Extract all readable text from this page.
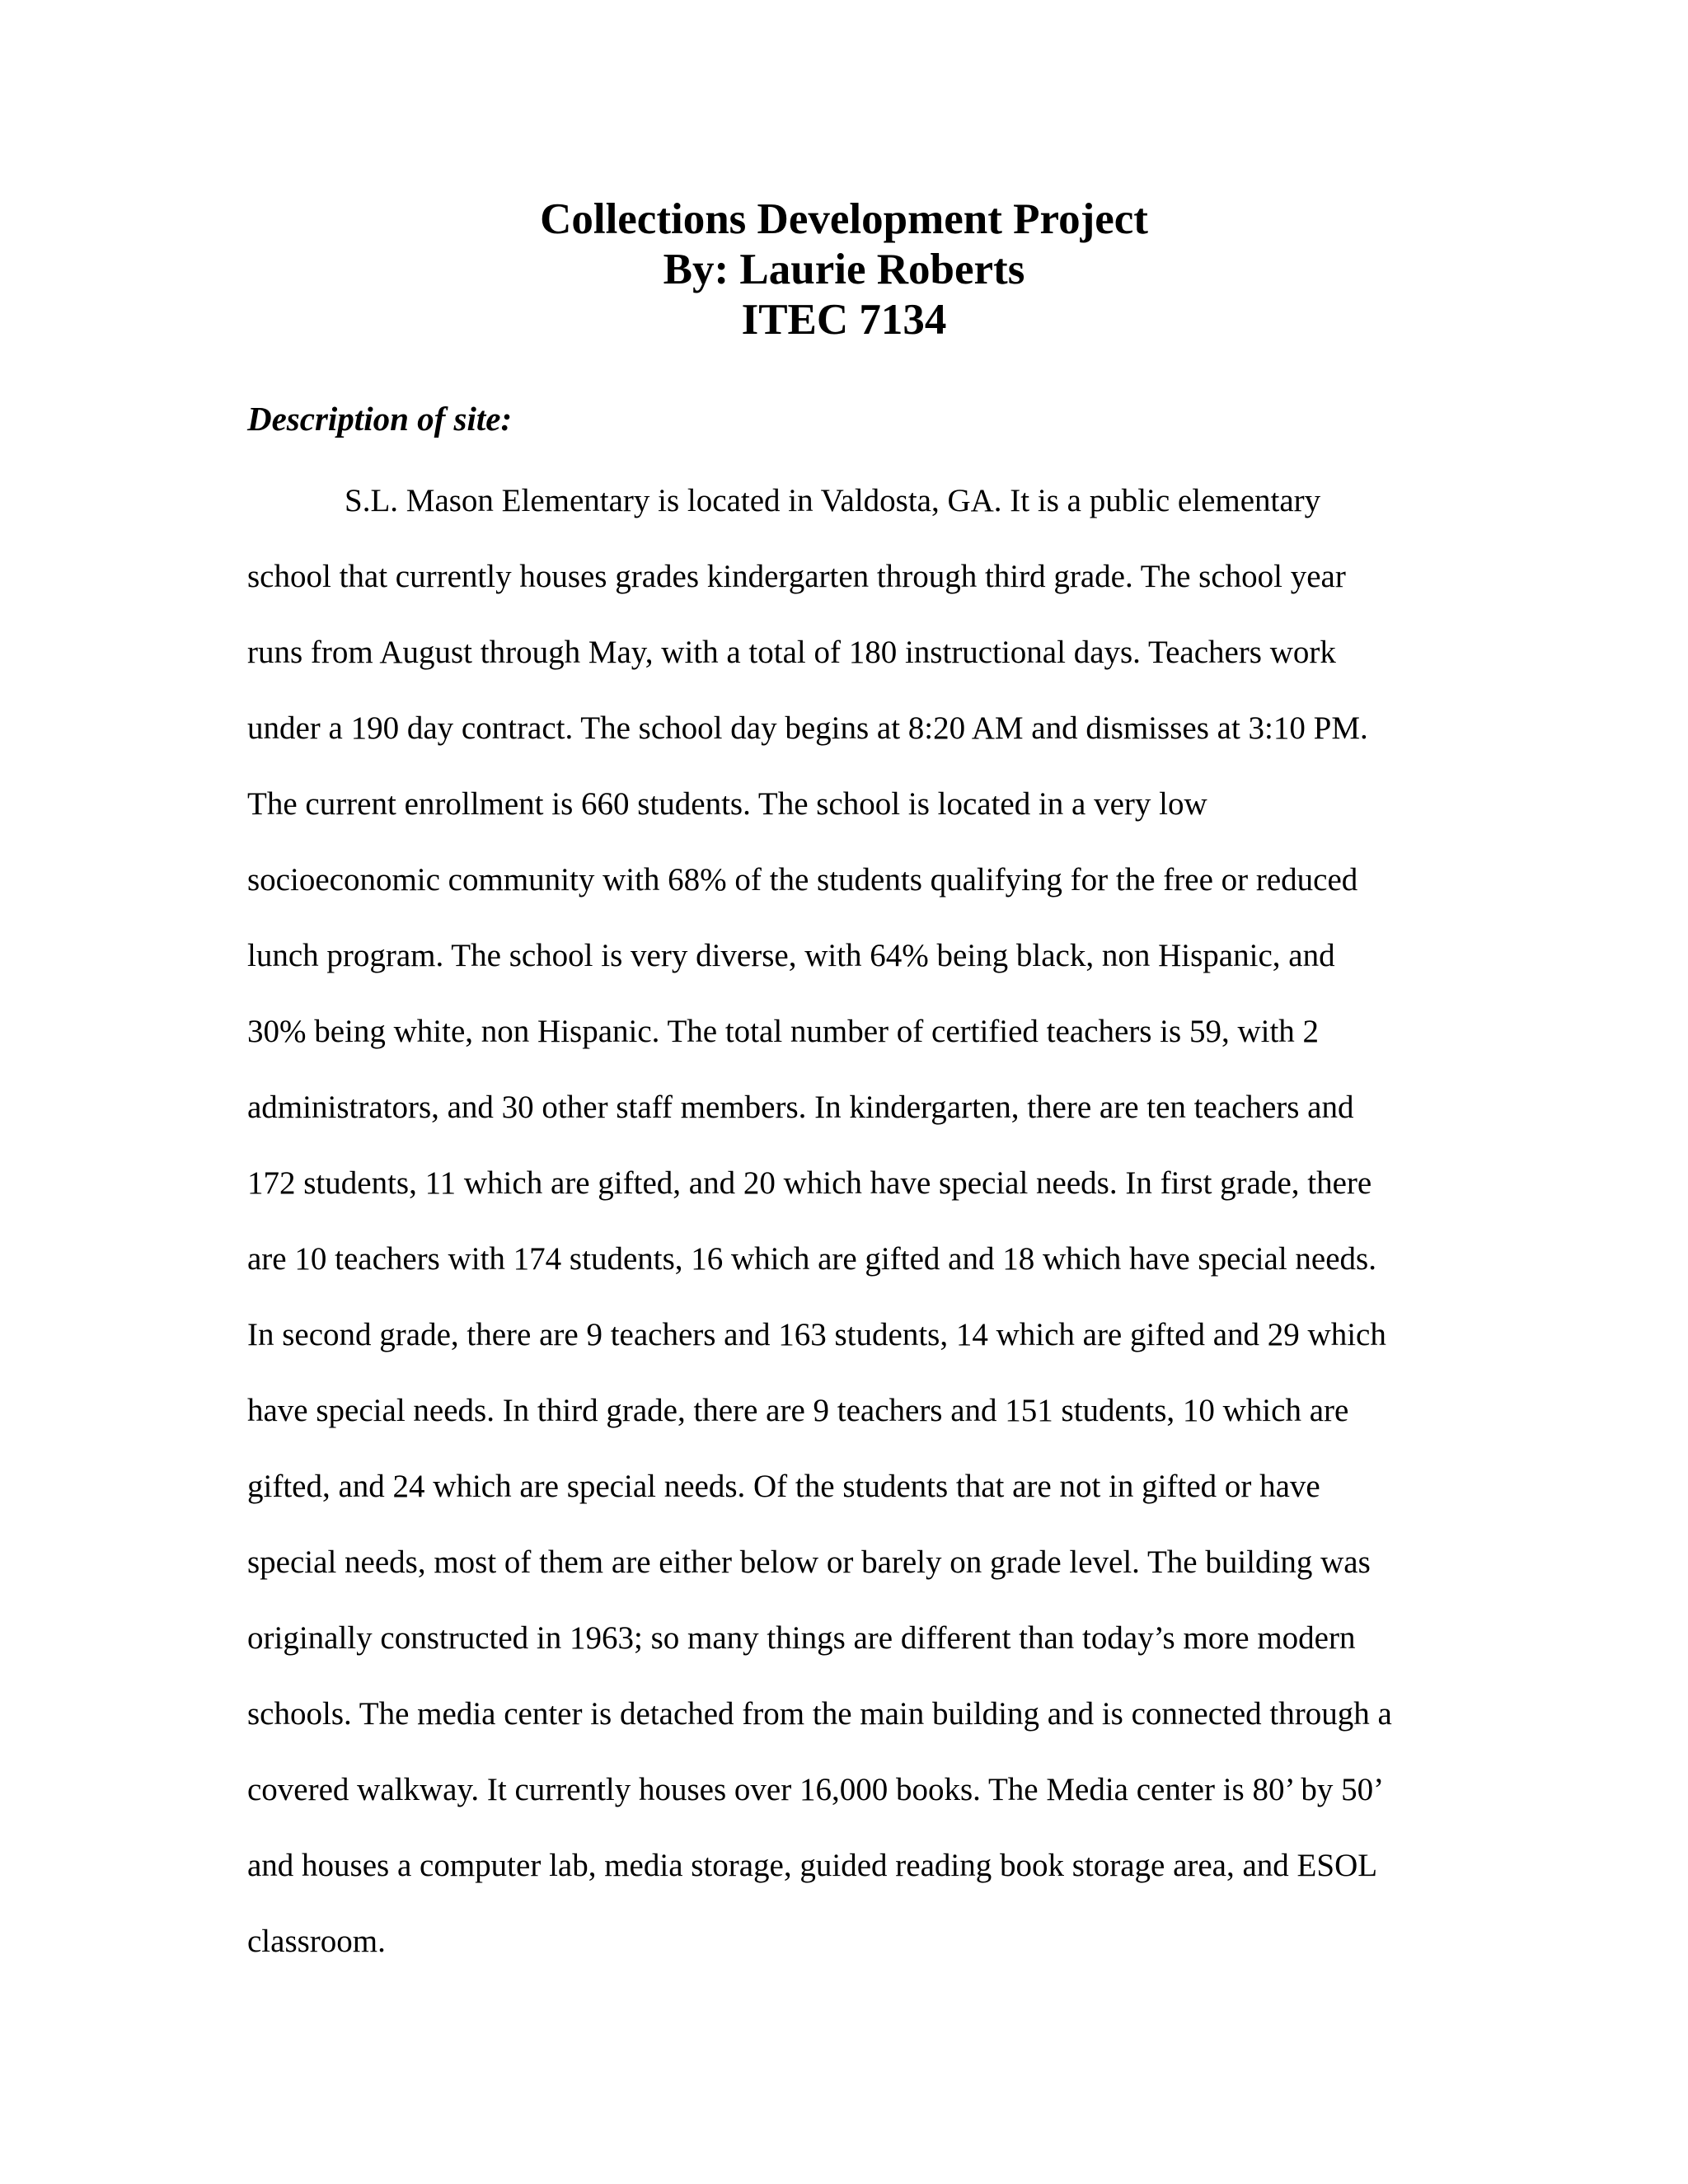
Collections Development Project
By: Laurie Roberts
ITEC 7134
Description of site:
S.L. Mason Elementary is located in Valdosta, GA. It is a public elementary
school that currently houses grades kindergarten through third grade. The school year
runs from August through May, with a total of 180 instructional days. Teachers work
under a 190 day contract. The school day begins at 8:20 AM and dismisses at 3:10 PM.
The current enrollment is 660 students. The school is located in a very low
socioeconomic community with 68% of the students qualifying for the free or reduced
lunch program. The school is very diverse, with 64% being black, non Hispanic, and
30% being white, non Hispanic. The total number of certified teachers is 59, with 2
administrators, and 30 other staff members. In kindergarten, there are ten teachers and
172 students, 11 which are gifted, and 20 which have special needs. In first grade, there
are 10 teachers with 174 students, 16 which are gifted and 18 which have special needs.
In second grade, there are 9 teachers and 163 students, 14 which are gifted and 29 which
have special needs. In third grade, there are 9 teachers and 151 students, 10 which are
gifted, and 24 which are special needs. Of the students that are not in gifted or have
special needs, most of them are either below or barely on grade level. The building was
originally constructed in 1963; so many things are different than today’s more modern
schools. The media center is detached from the main building and is connected through a
covered walkway. It currently houses over 16,000 books. The Media center is 80’ by 50’
and houses a computer lab, media storage, guided reading book storage area, and ESOL
classroom.
